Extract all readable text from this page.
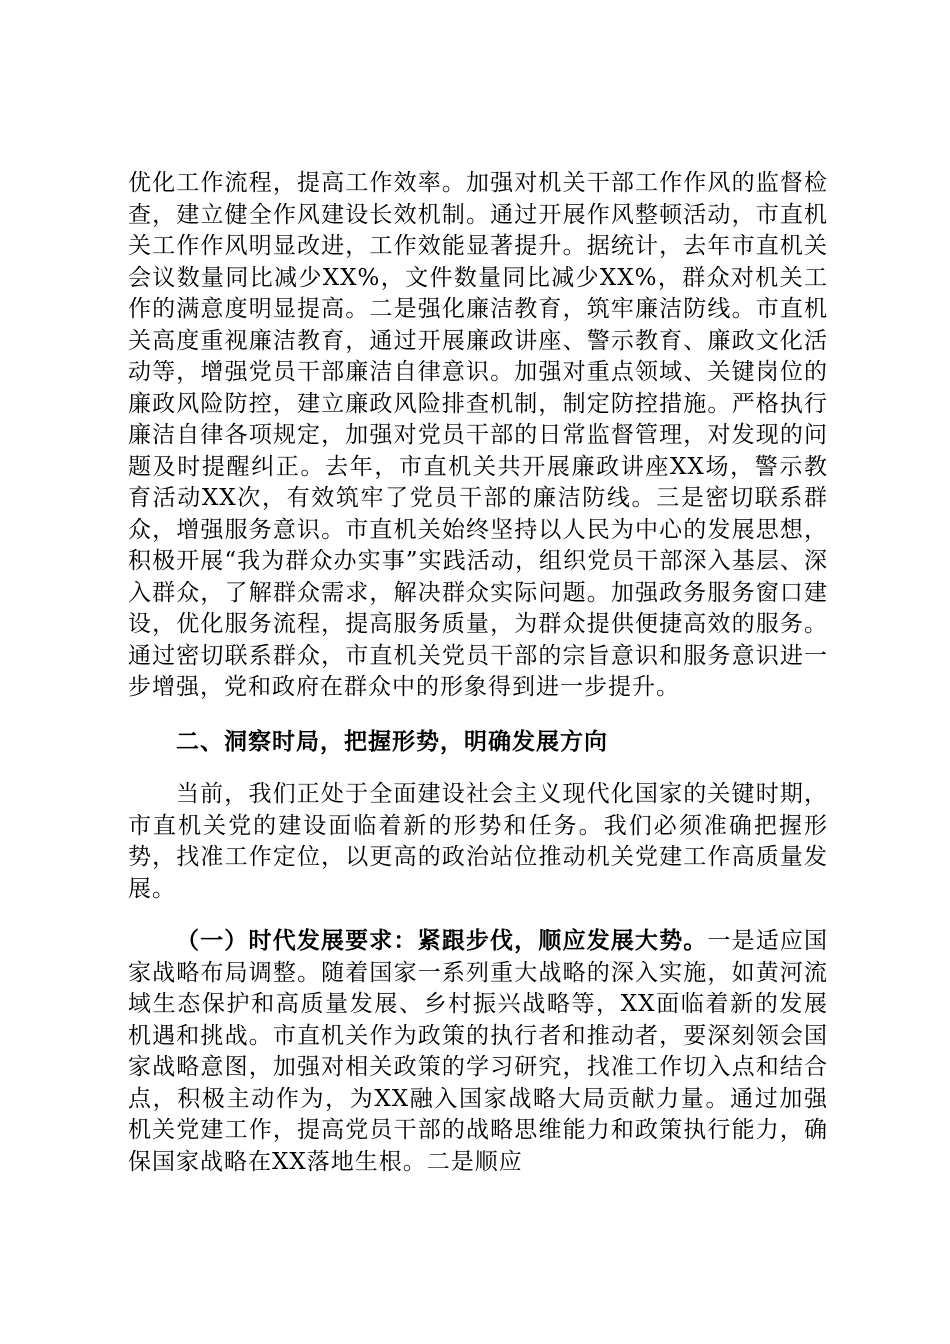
优化工作流程，提高工作效率。加强对机关干部工作作风的监督检查，建立健全作风建设长效机制。通过开展作风整顿活动，市直机关工作作风明显改进，工作效能显著提升。据统计，去年市直机关会议数量同比减少XX%，文件数量同比减少XX%，群众对机关工作的满意度明显提高。二是强化廉洁教育，筑牢廉洁防线。市直机关高度重视廉洁教育，通过开展廉政讲座、警示教育、廉政文化活动等，增强党员干部廉洁自律意识。加强对重点领域、关键岗位的廉政风险防控，建立廉政风险排查机制，制定防控措施。严格执行廉洁自律各项规定，加强对党员干部的日常监督管理，对发现的问题及时提醒纠正。去年，市直机关共开展廉政讲座XX场，警示教育活动XX次，有效筑牢了党员干部的廉洁防线。三是密切联系群众，增强服务意识。市直机关始终坚持以人民为中心的发展思想，积极开展“我为群众办实事”实践活动，组织党员干部深入基层、深入群众，了解群众需求，解决群众实际问题。加强政务服务窗口建设，优化服务流程，提高服务质量，为群众提供便捷高效的服务。通过密切联系群众，市直机关党员干部的宗旨意识和服务意识进一步增强，党和政府在群众中的形象得到进一步提升。

二、洞察时局，把握形势，明确发展方向

当前，我们正处于全面建设社会主义现代化国家的关键时期，市直机关党的建设面临着新的形势和任务。我们必须准确把握形势，找准工作定位，以更高的政治站位推动机关党建工作高质量发展。

（一）时代发展要求：紧跟步伐，顺应发展大势。一是适应国家战略布局调整。随着国家一系列重大战略的深入实施，如黄河流域生态保护和高质量发展、乡村振兴战略等，XX面临着新的发展机遇和挑战。市直机关作为政策的执行者和推动者，要深刻领会国家战略意图，加强对相关政策的学习研究，找准工作切入点和结合点，积极主动作为，为XX融入国家战略大局贡献力量。通过加强机关党建工作，提高党员干部的战略思维能力和政策执行能力，确保国家战略在XX落地生根。二是顺应
